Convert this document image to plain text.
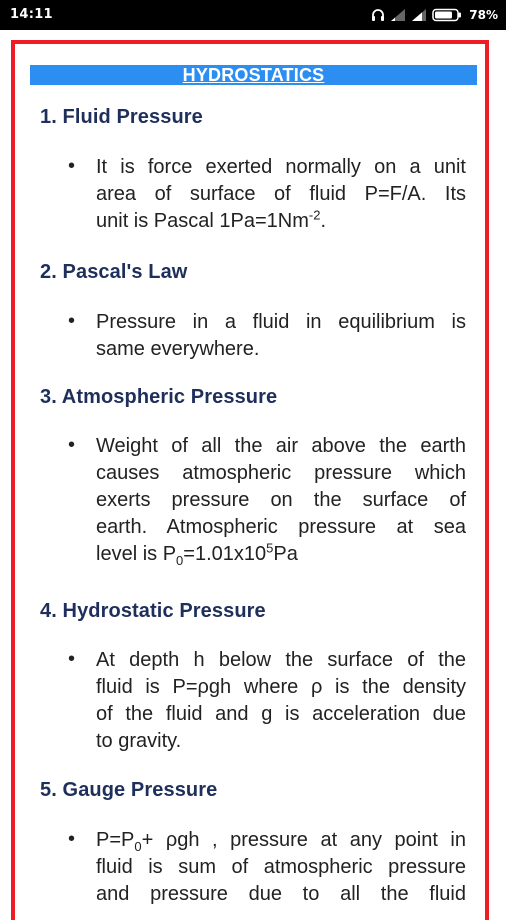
14:11	78%
HYDROSTATICS
1. Fluid Pressure
•	It is force exerted normally on a unit
area of surface of fluid P=F/A. Its
unit is Pascal $1Pa=1Nm^{-2}$.
2. Pascal's Law
•	Pressure in a fluid in equilibrium is
same everywhere.
3. Atmospheric Pressure
•	Weight of all the air above the earth
causes atmospheric pressure which
exerts pressure on the surface of
earth. Atmospheric pressure at sea
level is $P_0=1.01x10^5Pa$
4. Hydrostatic Pressure
•	At depth h below the surface of the
fluid is P=ρgh where ρ is the density
of the fluid and g is acceleration due
to gravity.
5. Gauge Pressure
•	$P=P_0+ \rho gh$ , pressure at any point in
fluid is sum of atmospheric pressure
and pressure due to all the fluid
